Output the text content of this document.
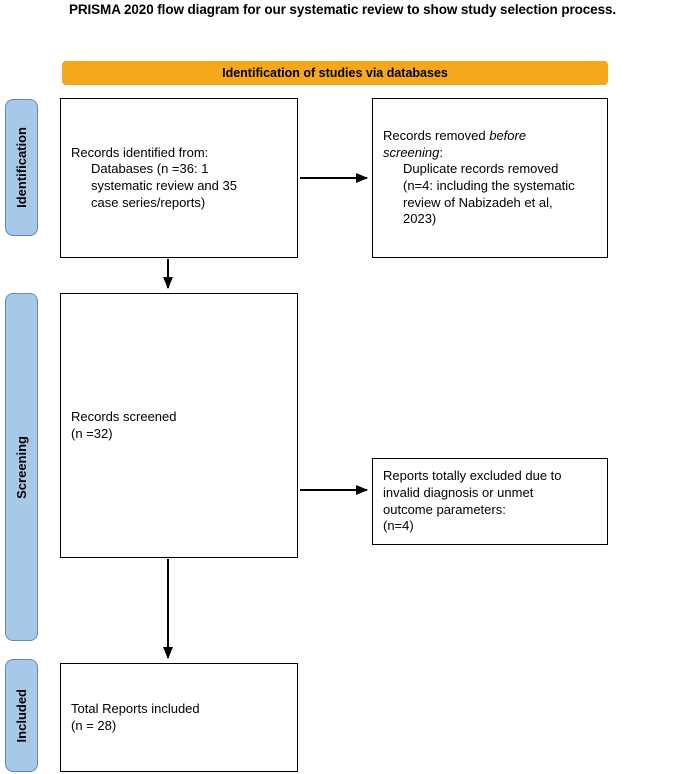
PRISMA 2020 flow diagram for our systematic review to show study selection process.
Identification of studies via databases
Identification
Screening
Included
Records identified from:
Databases (n =36: 1 systematic review and 35 case series/reports)
Records removed before screening:
Duplicate records removed (n=4: including the systematic review of Nabizadeh et al, 2023)
Records screened
(n =32)
Reports totally excluded due to invalid diagnosis or unmet outcome parameters:
(n=4)
Total Reports included
(n = 28)
